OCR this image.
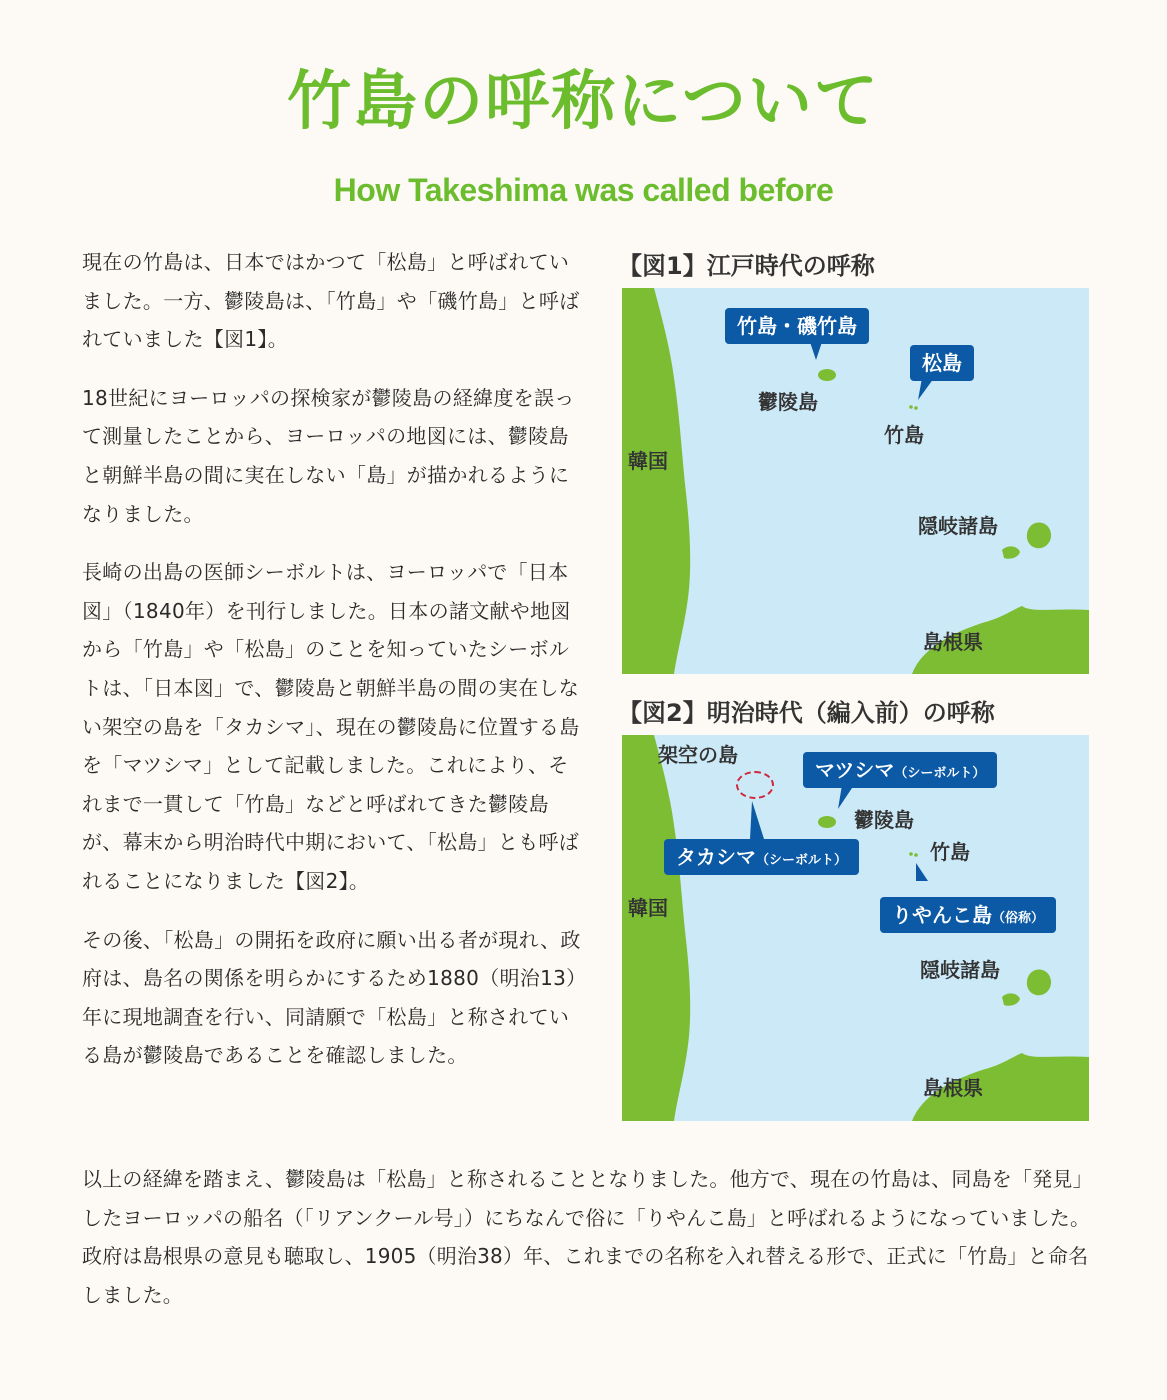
竹島の呼称について
How Takeshima was called before

現在の竹島は、日本ではかつて「松島」と呼ばれていました。一方、鬱陵島は、「竹島」や「磯竹島」と呼ばれていました【図1】。

18世紀にヨーロッパの探検家が鬱陵島の経緯度を誤って測量したことから、ヨーロッパの地図には、鬱陵島と朝鮮半島の間に実在しない「島」が描かれるようになりました。

長崎の出島の医師シーボルトは、ヨーロッパで「日本図」（1840年）を刊行しました。日本の諸文献や地図から「竹島」や「松島」のことを知っていたシーボルトは、「日本図」で、鬱陵島と朝鮮半島の間の実在しない架空の島を「タカシマ」、現在の鬱陵島に位置する島を「マツシマ」として記載しました。これにより、それまで一貫して「竹島」などと呼ばれてきた鬱陵島が、幕末から明治時代中期において、「松島」とも呼ばれることになりました【図2】。

その後、「松島」の開拓を政府に願い出る者が現れ、政府は、島名の関係を明らかにするため1880（明治13）年に現地調査を行い、同請願で「松島」と称されている島が鬱陵島であることを確認しました。

以上の経緯を踏まえ、鬱陵島は「松島」と称されることとなりました。他方で、現在の竹島は、同島を「発見」したヨーロッパの船名（「リアンクール号」）にちなんで俗に「りやんこ島」と呼ばれるようになっていました。政府は島根県の意見も聴取し、1905（明治38）年、これまでの名称を入れ替える形で、正式に「竹島」と命名しました。

【図1】江戸時代の呼称
竹島・磯竹島
松島
鬱陵島
竹島
韓国
隠岐諸島
島根県
【図2】明治時代（編入前）の呼称
架空の島
マツシマ（シーボルト）
鬱陵島
タカシマ（シーボルト）	竹島
韓国	りやんこ島（俗称）
隠岐諸島
島根県
